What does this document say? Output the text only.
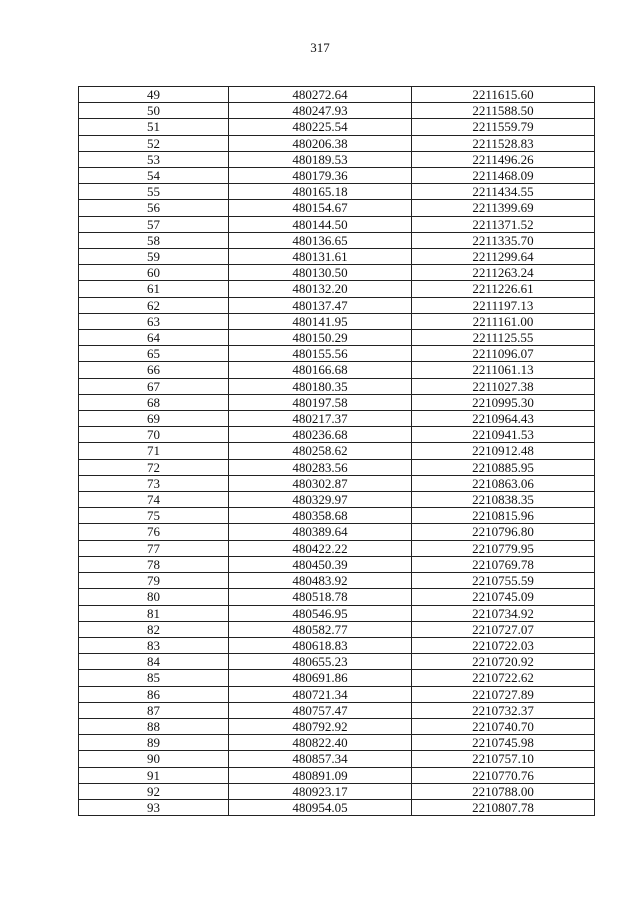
317
49	480272.64	2211615.60
50	480247.93	2211588.50
51	480225.54	2211559.79
52	480206.38	2211528.83
53	480189.53	2211496.26
54	480179.36	2211468.09
55	480165.18	2211434.55
56	480154.67	2211399.69
57	480144.50	2211371.52
58	480136.65	2211335.70
59	480131.61	2211299.64
60	480130.50	2211263.24
61	480132.20	2211226.61
62	480137.47	2211197.13
63	480141.95	2211161.00
64	480150.29	2211125.55
65	480155.56	2211096.07
66	480166.68	2211061.13
67	480180.35	2211027.38
68	480197.58	2210995.30
69	480217.37	2210964.43
70	480236.68	2210941.53
71	480258.62	2210912.48
72	480283.56	2210885.95
73	480302.87	2210863.06
74	480329.97	2210838.35
75	480358.68	2210815.96
76	480389.64	2210796.80
77	480422.22	2210779.95
78	480450.39	2210769.78
79	480483.92	2210755.59
80	480518.78	2210745.09
81	480546.95	2210734.92
82	480582.77	2210727.07
83	480618.83	2210722.03
84	480655.23	2210720.92
85	480691.86	2210722.62
86	480721.34	2210727.89
87	480757.47	2210732.37
88	480792.92	2210740.70
89	480822.40	2210745.98
90	480857.34	2210757.10
91	480891.09	2210770.76
92	480923.17	2210788.00
93	480954.05	2210807.78
